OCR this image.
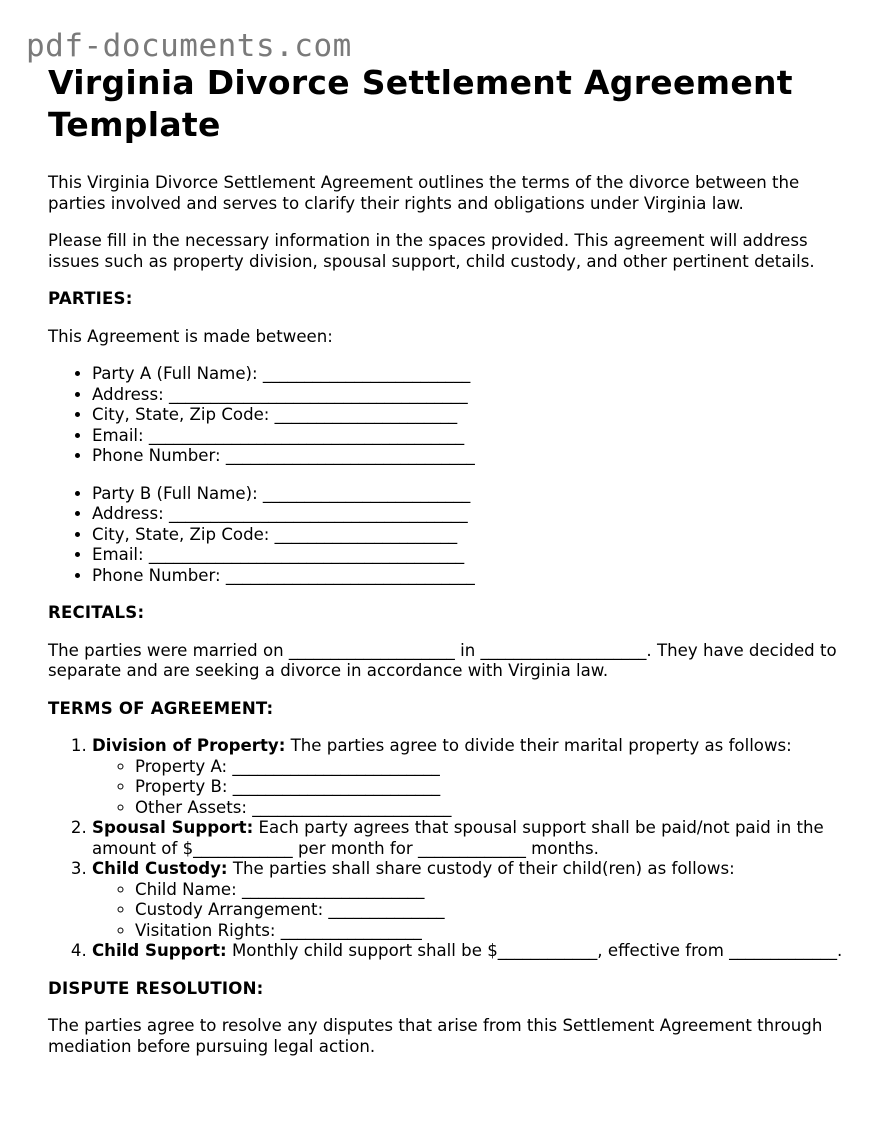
pdf-documents.com
Virginia Divorce Settlement Agreement Template

This Virginia Divorce Settlement Agreement outlines the terms of the divorce between the parties involved and serves to clarify their rights and obligations under Virginia law.

Please fill in the necessary information in the spaces provided. This agreement will address issues such as property division, spousal support, child custody, and other pertinent details.

PARTIES:

This Agreement is made between:

• Party A (Full Name): _________________________
• Address: ____________________________________
• City, State, Zip Code: ______________________
• Email: ______________________________________
• Phone Number: ______________________________
• Party B (Full Name): _________________________
• Address: ____________________________________
• City, State, Zip Code: ______________________
• Email: ______________________________________
• Phone Number: ______________________________
RECITALS:

The parties were married on ____________________ in ____________________. They have decided to separate and are seeking a divorce in accordance with Virginia law.

TERMS OF AGREEMENT:
1. Division of Property: The parties agree to divide their marital property as follows:
◦ Property A: _________________________
◦ Property B: _________________________
◦ Other Assets: ________________________
2. Spousal Support: Each party agrees that spousal support shall be paid/not paid in the amount of $____________ per month for _____________ months.
3. Child Custody: The parties shall share custody of their child(ren) as follows:
◦ Child Name: ______________________
◦ Custody Arrangement: ______________
◦ Visitation Rights: _________________
4. Child Support: Monthly child support shall be $____________, effective from _____________.
DISPUTE RESOLUTION:

The parties agree to resolve any disputes that arise from this Settlement Agreement through mediation before pursuing legal action.
